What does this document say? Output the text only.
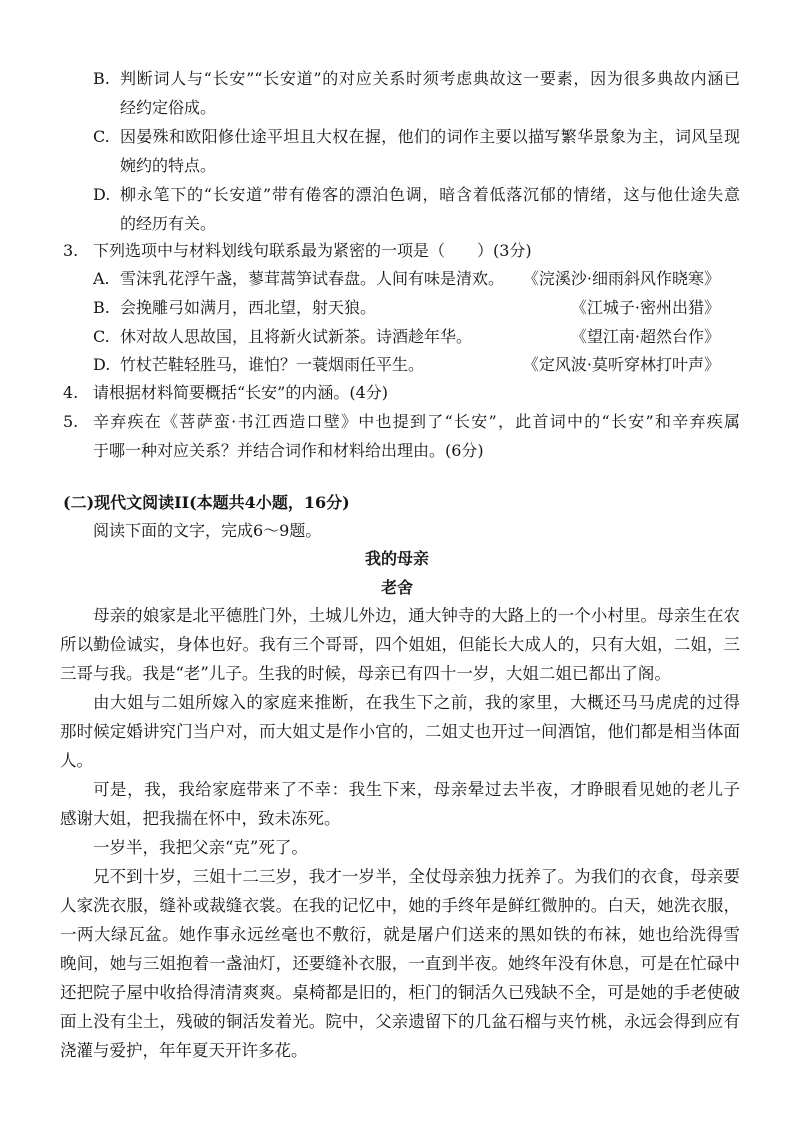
B. 判断词人与“长安”“长安道”的对应关系时须考虑典故这一要素，因为很多典故内涵已
经约定俗成。
C. 因晏殊和欧阳修仕途平坦且大权在握，他们的词作主要以描写繁华景象为主，词风呈现
婉约的特点。
D. 柳永笔下的“长安道”带有倦客的漂泊色调，暗含着低落沉郁的情绪，这与他仕途失意
的经历有关。
3. 下列选项中与材料划线句联系最为紧密的一项是（　　）(3分)
A. 雪沫乳花浮午盏，蓼茸蒿笋试春盘。人间有味是清欢。	《浣溪沙·细雨斜风作晓寒》
B. 会挽雕弓如满月，西北望，射天狼。	《江城子·密州出猎》
C. 休对故人思故国，且将新火试新茶。诗酒趁年华。	《望江南·超然台作》
D. 竹杖芒鞋轻胜马，谁怕？一蓑烟雨任平生。	《定风波·莫听穿林打叶声》
4. 请根据材料简要概括“长安”的内涵。(4分)
5. 辛弃疾在《菩萨蛮·书江西造口壁》中也提到了“长安”，此首词中的“长安”和辛弃疾属
于哪一种对应关系？并结合词作和材料给出理由。(6分)
(二)现代文阅读II(本题共4小题，16分)
阅读下面的文字，完成6～9题。
我的母亲
老舍
母亲的娘家是北平德胜门外，土城儿外边，通大钟寺的大路上的一个小村里。母亲生在农
所以勤俭诚实，身体也好。我有三个哥哥，四个姐姐，但能长大成人的，只有大姐，二姐，三
三哥与我。我是“老”儿子。生我的时候，母亲已有四十一岁，大姐二姐已都出了阁。
由大姐与二姐所嫁入的家庭来推断，在我生下之前，我的家里，大概还马马虎虎的过得
那时候定婚讲究门当户对，而大姐丈是作小官的，二姐丈也开过一间酒馆，他们都是相当体面
人。
可是，我，我给家庭带来了不幸：我生下来，母亲晕过去半夜，才睁眼看见她的老儿子
感谢大姐，把我揣在怀中，致未冻死。
一岁半，我把父亲“克”死了。
兄不到十岁，三姐十二三岁，我才一岁半，全仗母亲独力抚养了。为我们的衣食，母亲要
人家洗衣服，缝补或裁缝衣裳。在我的记忆中，她的手终年是鲜红微肿的。白天，她洗衣服，
一两大绿瓦盆。她作事永远丝毫也不敷衍，就是屠户们送来的黑如铁的布袜，她也给洗得雪
晚间，她与三姐抱着一盏油灯，还要缝补衣服，一直到半夜。她终年没有休息，可是在忙碌中
还把院子屋中收拾得清清爽爽。桌椅都是旧的，柜门的铜活久已残缺不全，可是她的手老使破
面上没有尘土，残破的铜活发着光。院中，父亲遗留下的几盆石榴与夹竹桃，永远会得到应有
浇灌与爱护，年年夏天开许多花。
